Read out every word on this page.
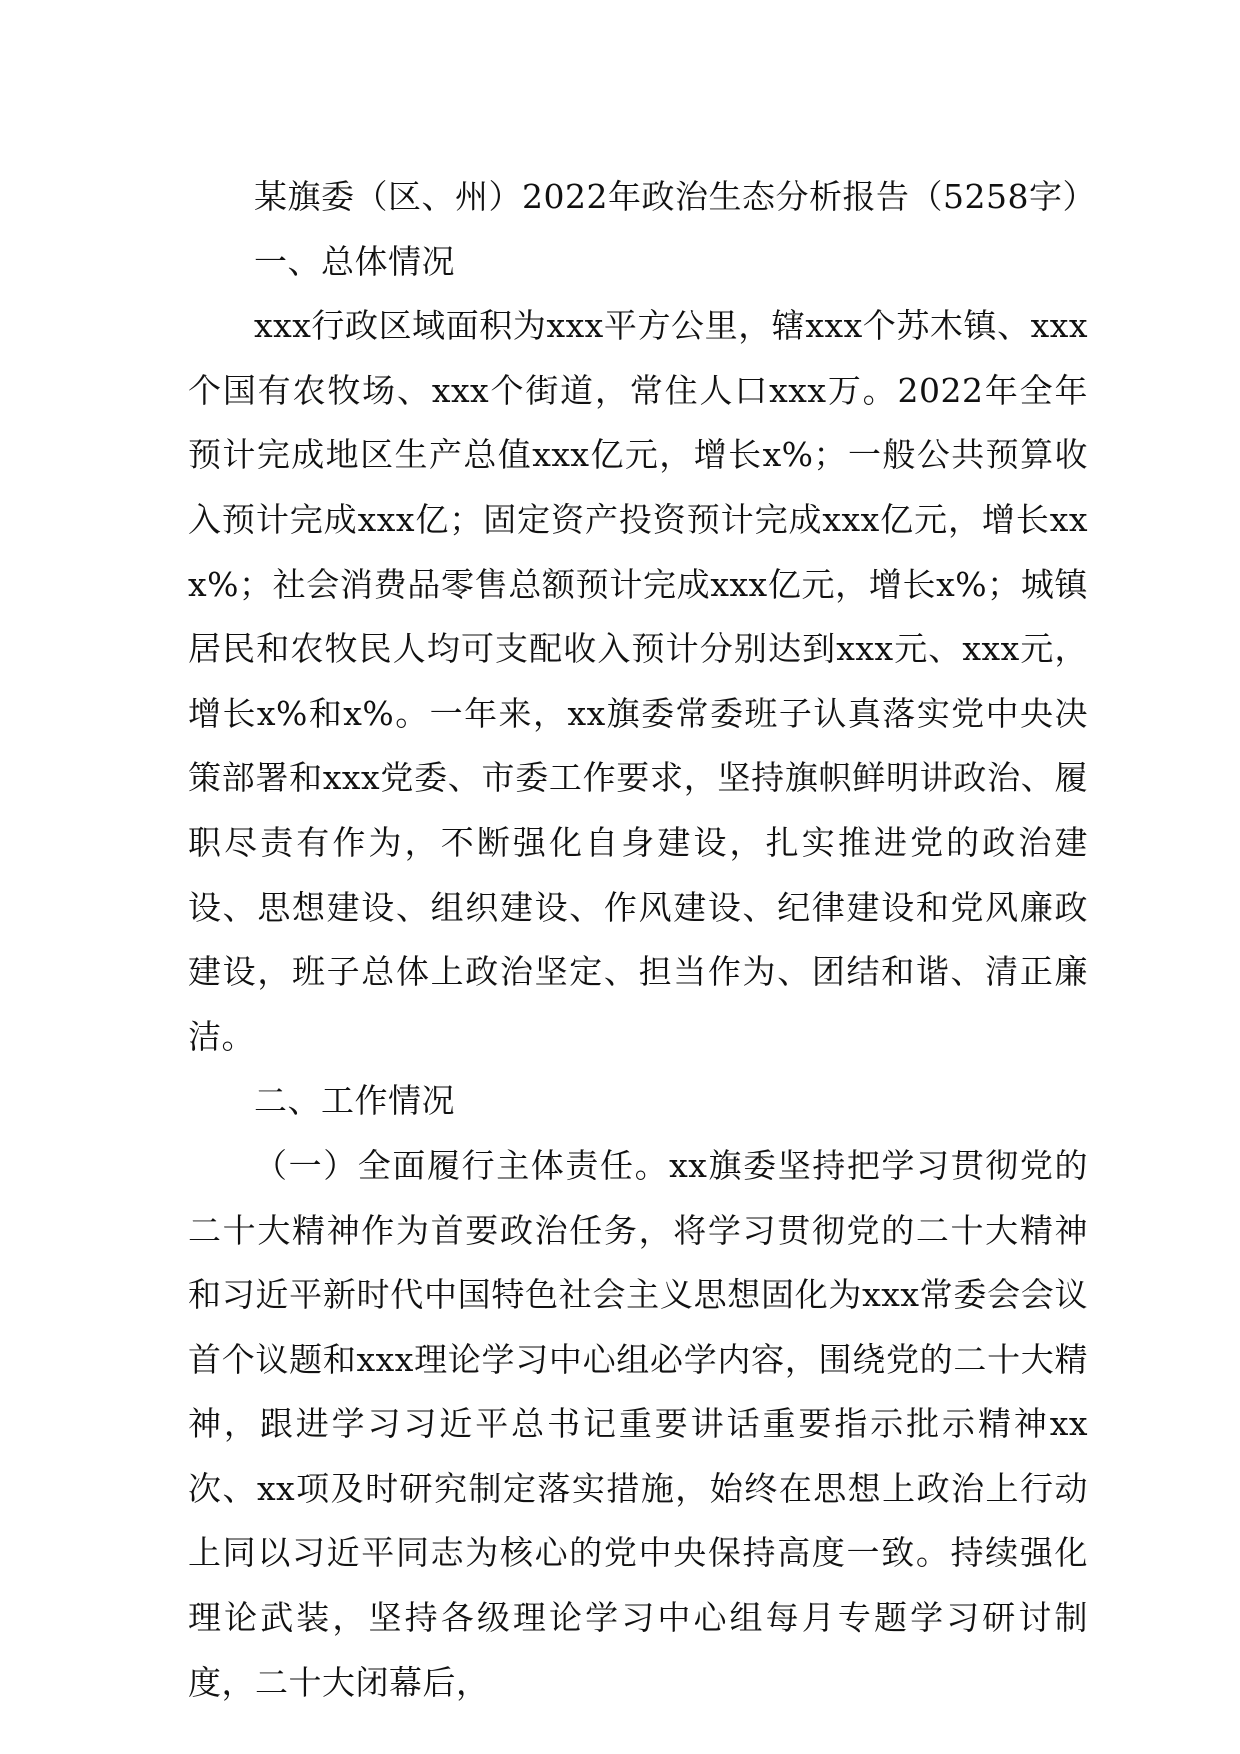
某旗委（区、州）2022年政治生态分析报告（5258字）

一、总体情况

xxx行政区域面积为xxx平方公里，辖xxx个苏木镇、xxx个国有农牧场、xxx个街道，常住人口xxx万。2022年全年预计完成地区生产总值xxx亿元，增长x%；一般公共预算收入预计完成xxx亿；固定资产投资预计完成xxx亿元，增长xxx%；社会消费品零售总额预计完成xxx亿元，增长x%；城镇居民和农牧民人均可支配收入预计分别达到xxx元、xxx元，增长x%和x%。一年来，xx旗委常委班子认真落实党中央决策部署和xxx党委、市委工作要求，坚持旗帜鲜明讲政治、履职尽责有作为，不断强化自身建设，扎实推进党的政治建设、思想建设、组织建设、作风建设、纪律建设和党风廉政建设，班子总体上政治坚定、担当作为、团结和谐、清正廉洁。

二、工作情况

（一）全面履行主体责任。xx旗委坚持把学习贯彻党的二十大精神作为首要政治任务，将学习贯彻党的二十大精神和习近平新时代中国特色社会主义思想固化为xxx常委会会议首个议题和xxx理论学习中心组必学内容，围绕党的二十大精神，跟进学习习近平总书记重要讲话重要指示批示精神xx次、xx项及时研究制定落实措施，始终在思想上政治上行动上同以习近平同志为核心的党中央保持高度一致。持续强化理论武装，坚持各级理论学习中心组每月专题学习研讨制度，二十大闭幕后，
